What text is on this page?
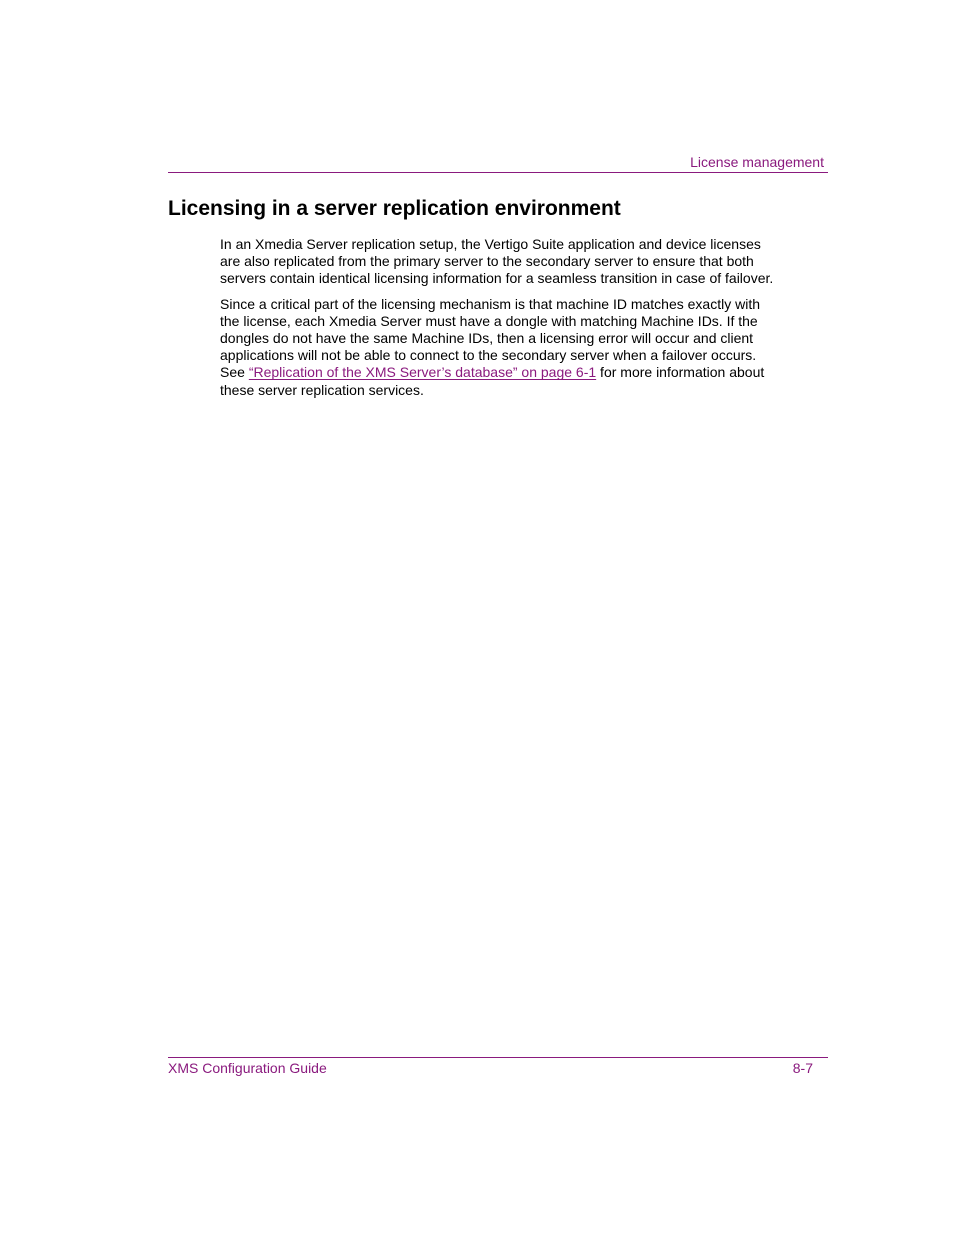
License management
Licensing in a server replication environment

In an Xmedia Server replication setup, the Vertigo Suite application and device licenses are also replicated from the primary server to the secondary server to ensure that both servers contain identical licensing information for a seamless transition in case of failover.

Since a critical part of the licensing mechanism is that machine ID matches exactly with the license, each Xmedia Server must have a dongle with matching Machine IDs. If the dongles do not have the same Machine IDs, then a licensing error will occur and client applications will not be able to connect to the secondary server when a failover occurs. See “Replication of the XMS Server’s database” on page 6-1 for more information about these server replication services.

XMS Configuration Guide	8-7
